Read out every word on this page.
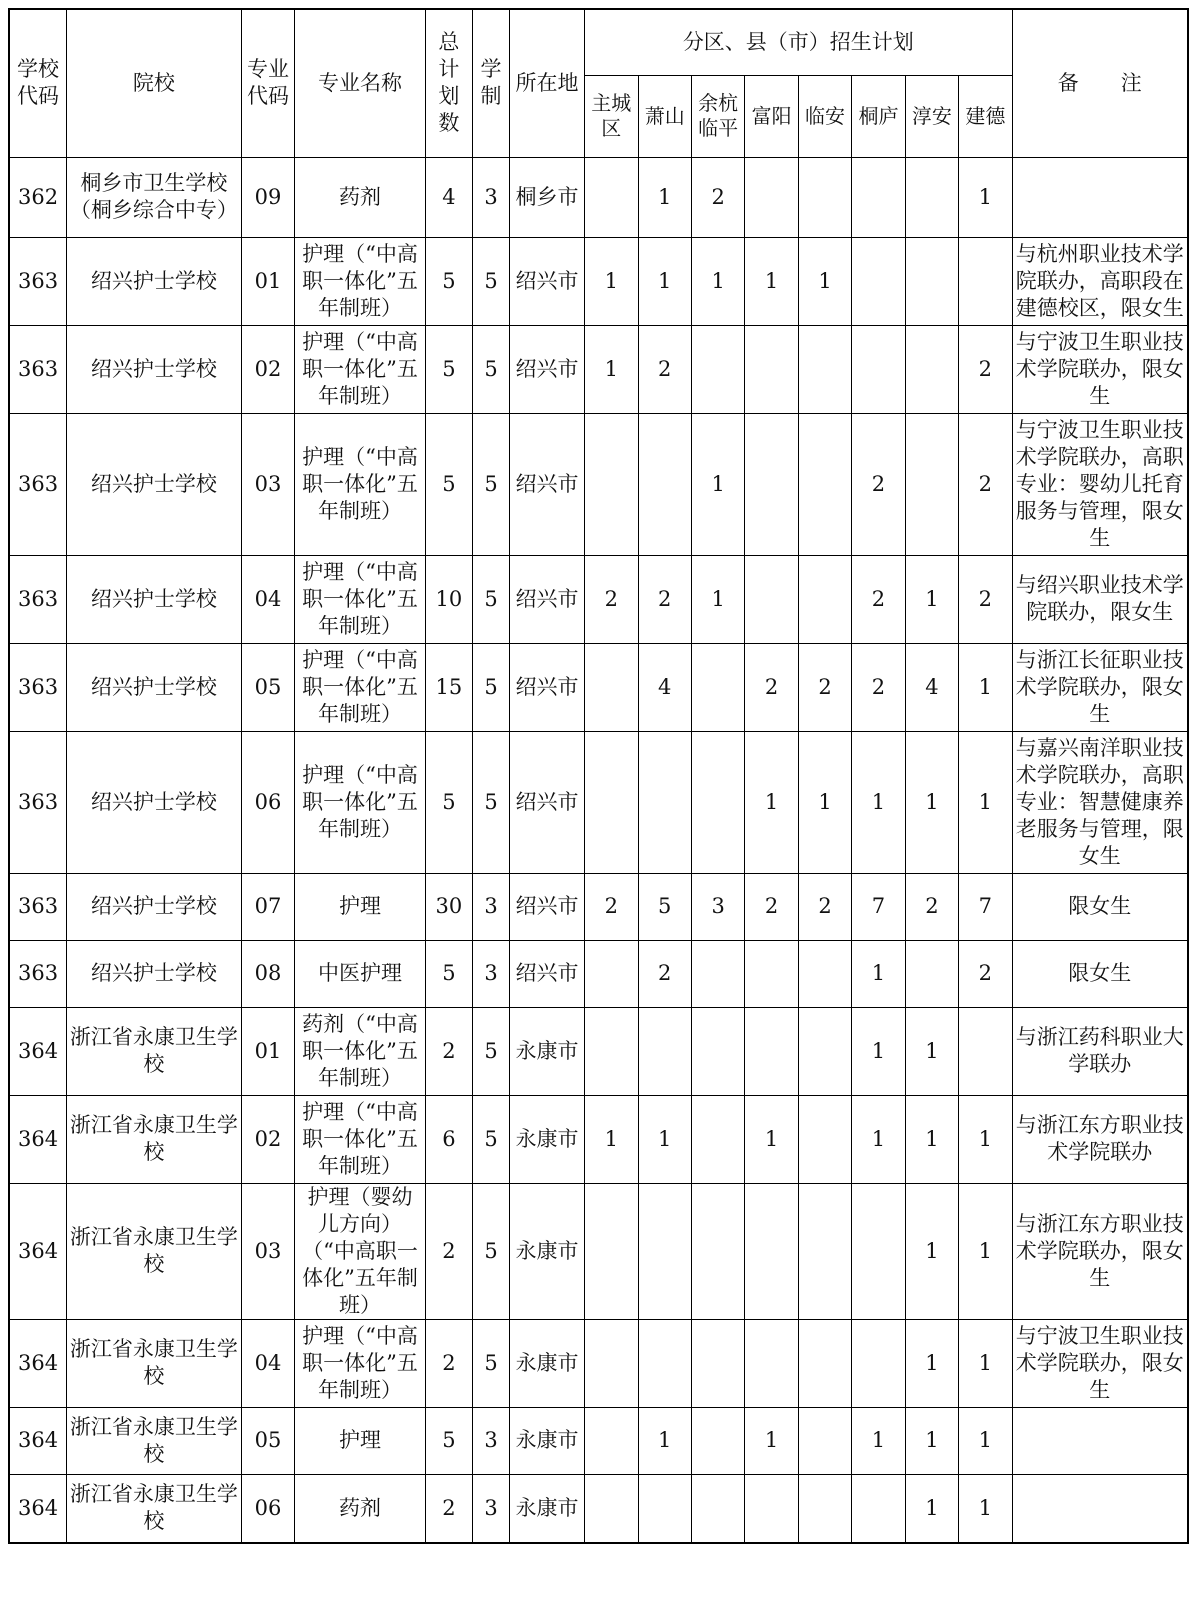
学校代码	院校	专业代码	专业名称	总计划数	学制	所在地	分区、县（市）招生计划								备　　注
							主城区	萧山	余杭临平	富阳	临安	桐庐	淳安	建德	
362	桐乡市卫生学校（桐乡综合中专）	09	药剂	4	3	桐乡市		1	2					1	
363	绍兴护士学校	01	护理（“中高职一体化”五年制班）	5	5	绍兴市	1	1	1	1	1				与杭州职业技术学院联办，高职段在建德校区，限女生
363	绍兴护士学校	02	护理（“中高职一体化”五年制班）	5	5	绍兴市	1	2						2	与宁波卫生职业技术学院联办，限女生
363	绍兴护士学校	03	护理（“中高职一体化”五年制班）	5	5	绍兴市			1			2		2	与宁波卫生职业技术学院联办，高职专业：婴幼儿托育服务与管理，限女生
363	绍兴护士学校	04	护理（“中高职一体化”五年制班）	10	5	绍兴市	2	2	1			2	1	2	与绍兴职业技术学院联办，限女生
363	绍兴护士学校	05	护理（“中高职一体化”五年制班）	15	5	绍兴市		4		2	2	2	4	1	与浙江长征职业技术学院联办，限女生
363	绍兴护士学校	06	护理（“中高职一体化”五年制班）	5	5	绍兴市				1	1	1	1	1	与嘉兴南洋职业技术学院联办，高职专业：智慧健康养老服务与管理，限女生
363	绍兴护士学校	07	护理	30	3	绍兴市	2	5	3	2	2	7	2	7	限女生
363	绍兴护士学校	08	中医护理	5	3	绍兴市		2				1		2	限女生
364	浙江省永康卫生学校	01	药剂（“中高职一体化”五年制班）	2	5	永康市						1	1		与浙江药科职业大学联办
364	浙江省永康卫生学校	02	护理（“中高职一体化”五年制班）	6	5	永康市	1	1		1		1	1	1	与浙江东方职业技术学院联办
364	浙江省永康卫生学校	03	护理（婴幼儿方向）（“中高职一体化”五年制班）	2	5	永康市							1	1	与浙江东方职业技术学院联办，限女生
364	浙江省永康卫生学校	04	护理（“中高职一体化”五年制班）	2	5	永康市							1	1	与宁波卫生职业技术学院联办，限女生
364	浙江省永康卫生学校	05	护理	5	3	永康市		1		1		1	1	1	
364	浙江省永康卫生学校	06	药剂	2	3	永康市							1	1	
